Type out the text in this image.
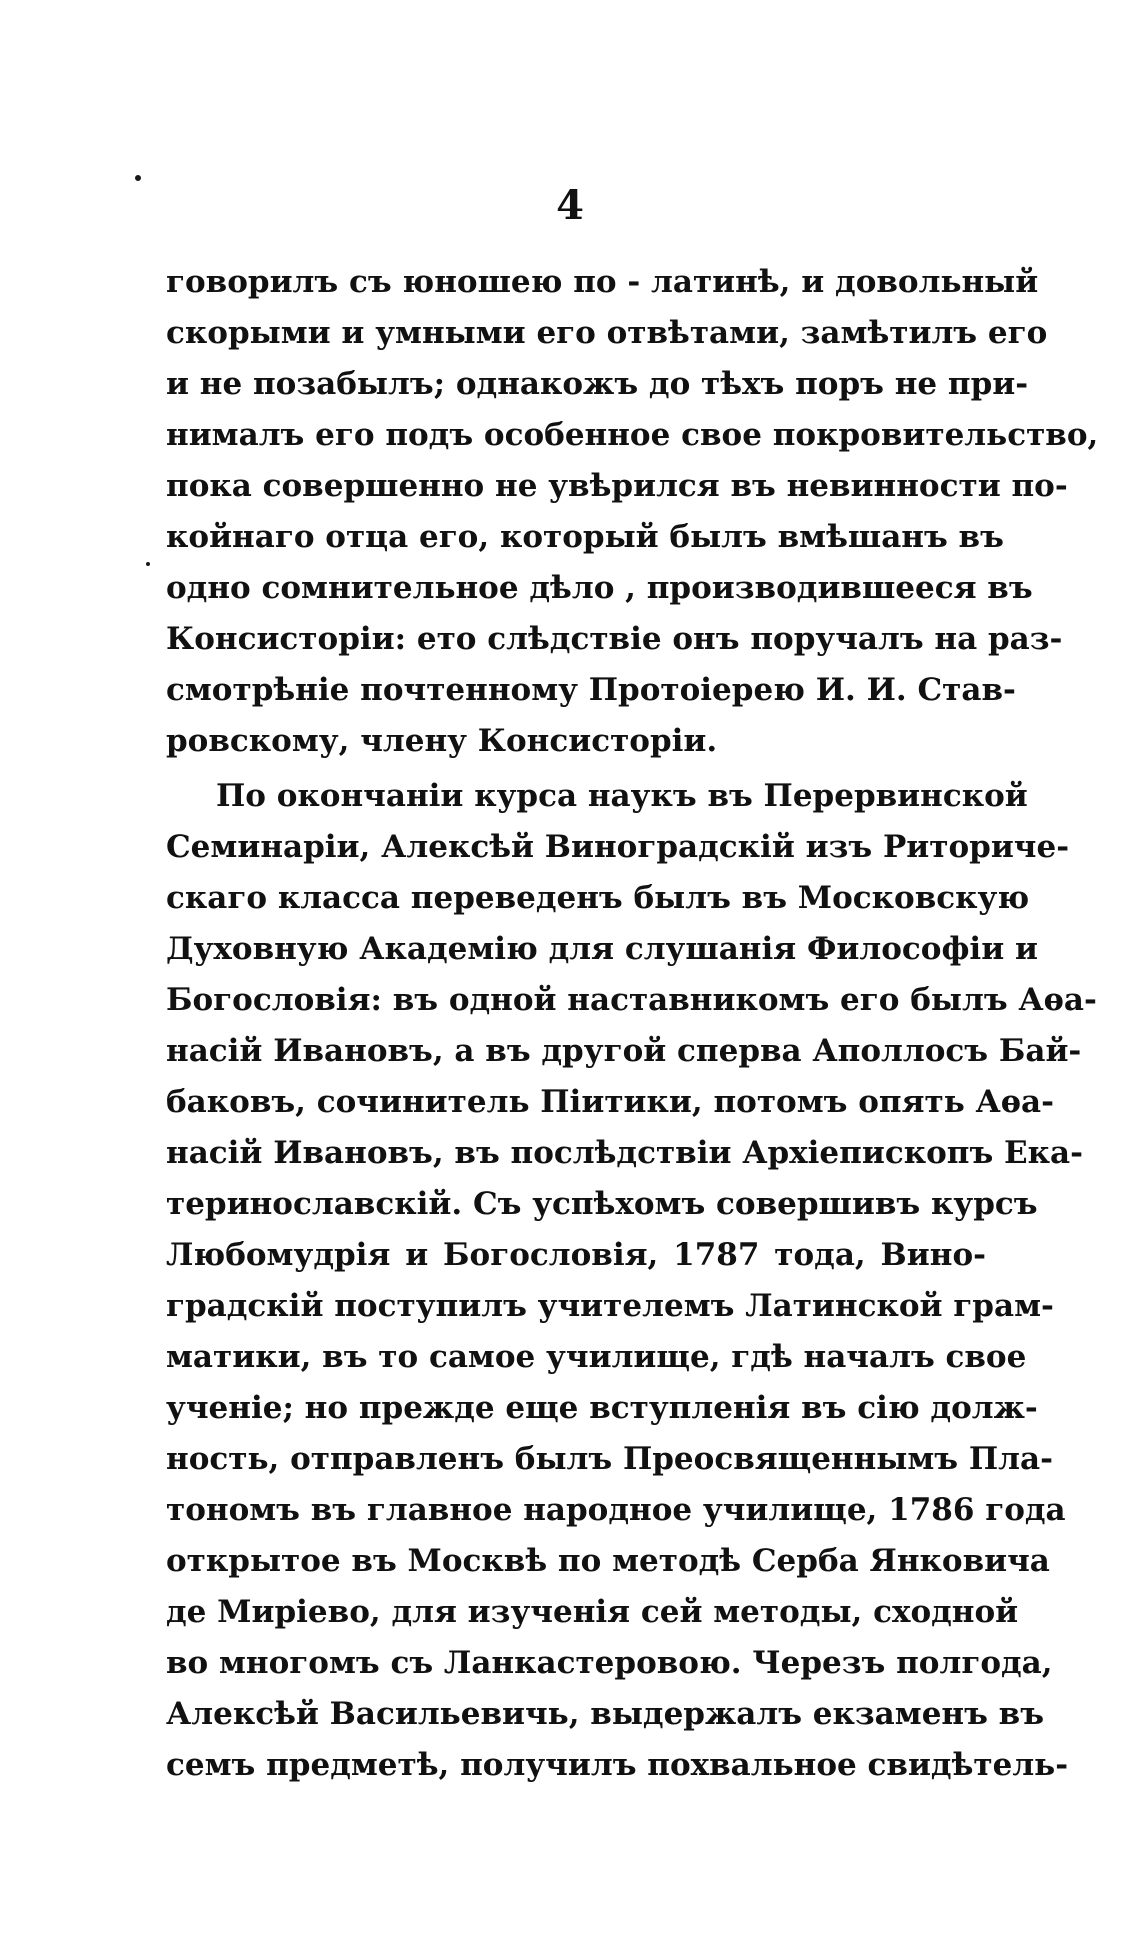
4
говорилъ съ юношею по - латинѣ, и довольный
скорыми и умными его отвѣтами, замѣтилъ его
и не позабылъ; однакожъ до тѣхъ поръ не при-
нималъ его подъ особенное свое покровительство,
пока совершенно не увѣрился въ невинности по-
койнаго отца его, который былъ вмѣшанъ въ
одно сомнительное дѣло , производившееся въ
Консисторіи: ето слѣдствіе онъ поручалъ на раз-
смотрѣніе почтенному Протоіерею И. И. Став-
ровскому, члену Консисторіи.
По окончаніи курса наукъ въ Перервинской
Семинаріи, Алексѣй Виноградскій изъ Риториче-
скаго класса переведенъ былъ въ Московскую
Духовную Академію для слушанія Философіи и
Богословія: въ одной наставникомъ его былъ Аѳа-
насій Ивановъ, а въ другой сперва Аполлосъ Бай-
баковъ, сочинитель Пiитики, потомъ опять Аѳа-
насій Ивановъ, въ послѣдствіи Архіепископъ Ека-
теринославскій. Съ успѣхомъ совершивъ курсъ
Любомудрія и Богословія, 1787 тода, Вино-
градскій поступилъ учителемъ Латинской грам-
матики, въ то самое училище, гдѣ началъ свое
ученіе; но прежде еще вступленія въ сію долж-
ность, отправленъ былъ Преосвященнымъ Пла-
тономъ въ главное народное училище, 1786 года
открытое въ Москвѣ по методѣ Серба Янковича
де Миріево, для изученія сей методы, сходной
во многомъ съ Ланкастеровою. Черезъ полгода,
Алексѣй Васильевичь, выдержалъ екзаменъ въ
семъ предметѣ, получилъ похвальное свидѣтель-
